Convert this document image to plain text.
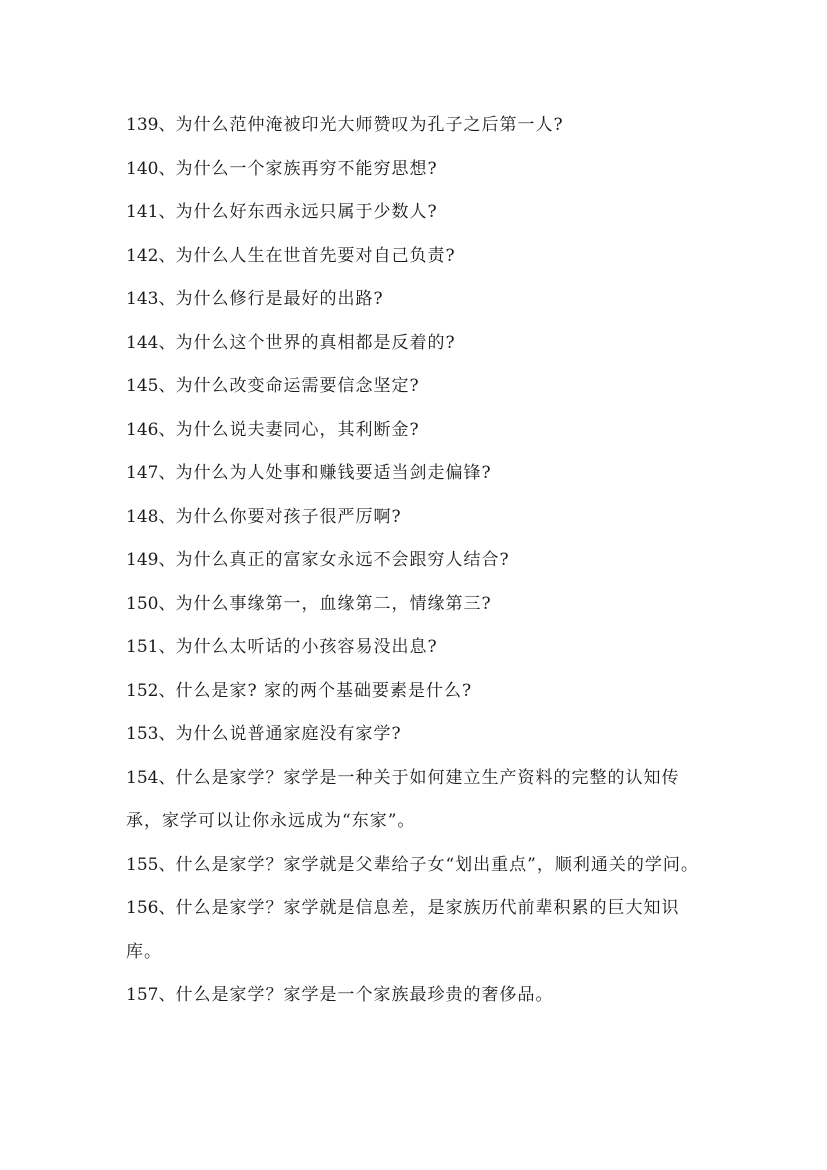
139、为什么范仲淹被印光大师赞叹为孔子之后第一人?
140、为什么一个家族再穷不能穷思想?
141、为什么好东西永远只属于少数人?
142、为什么人生在世首先要对自己负责?
143、为什么修行是最好的出路?
144、为什么这个世界的真相都是反着的?
145、为什么改变命运需要信念坚定?
146、为什么说夫妻同心，其利断金?
147、为什么为人处事和赚钱要适当剑走偏锋?
148、为什么你要对孩子很严厉啊?
149、为什么真正的富家女永远不会跟穷人结合?
150、为什么事缘第一，血缘第二，情缘第三?
151、为什么太听话的小孩容易没出息?
152、什么是家? 家的两个基础要素是什么?
153、为什么说普通家庭没有家学?
154、什么是家学？家学是一种关于如何建立生产资料的完整的认知传承，家学可以让你永远成为“东家”。
155、什么是家学？家学就是父辈给子女“划出重点”，顺利通关的学问。
156、什么是家学？家学就是信息差，是家族历代前辈积累的巨大知识库。
157、什么是家学？家学是一个家族最珍贵的奢侈品。
